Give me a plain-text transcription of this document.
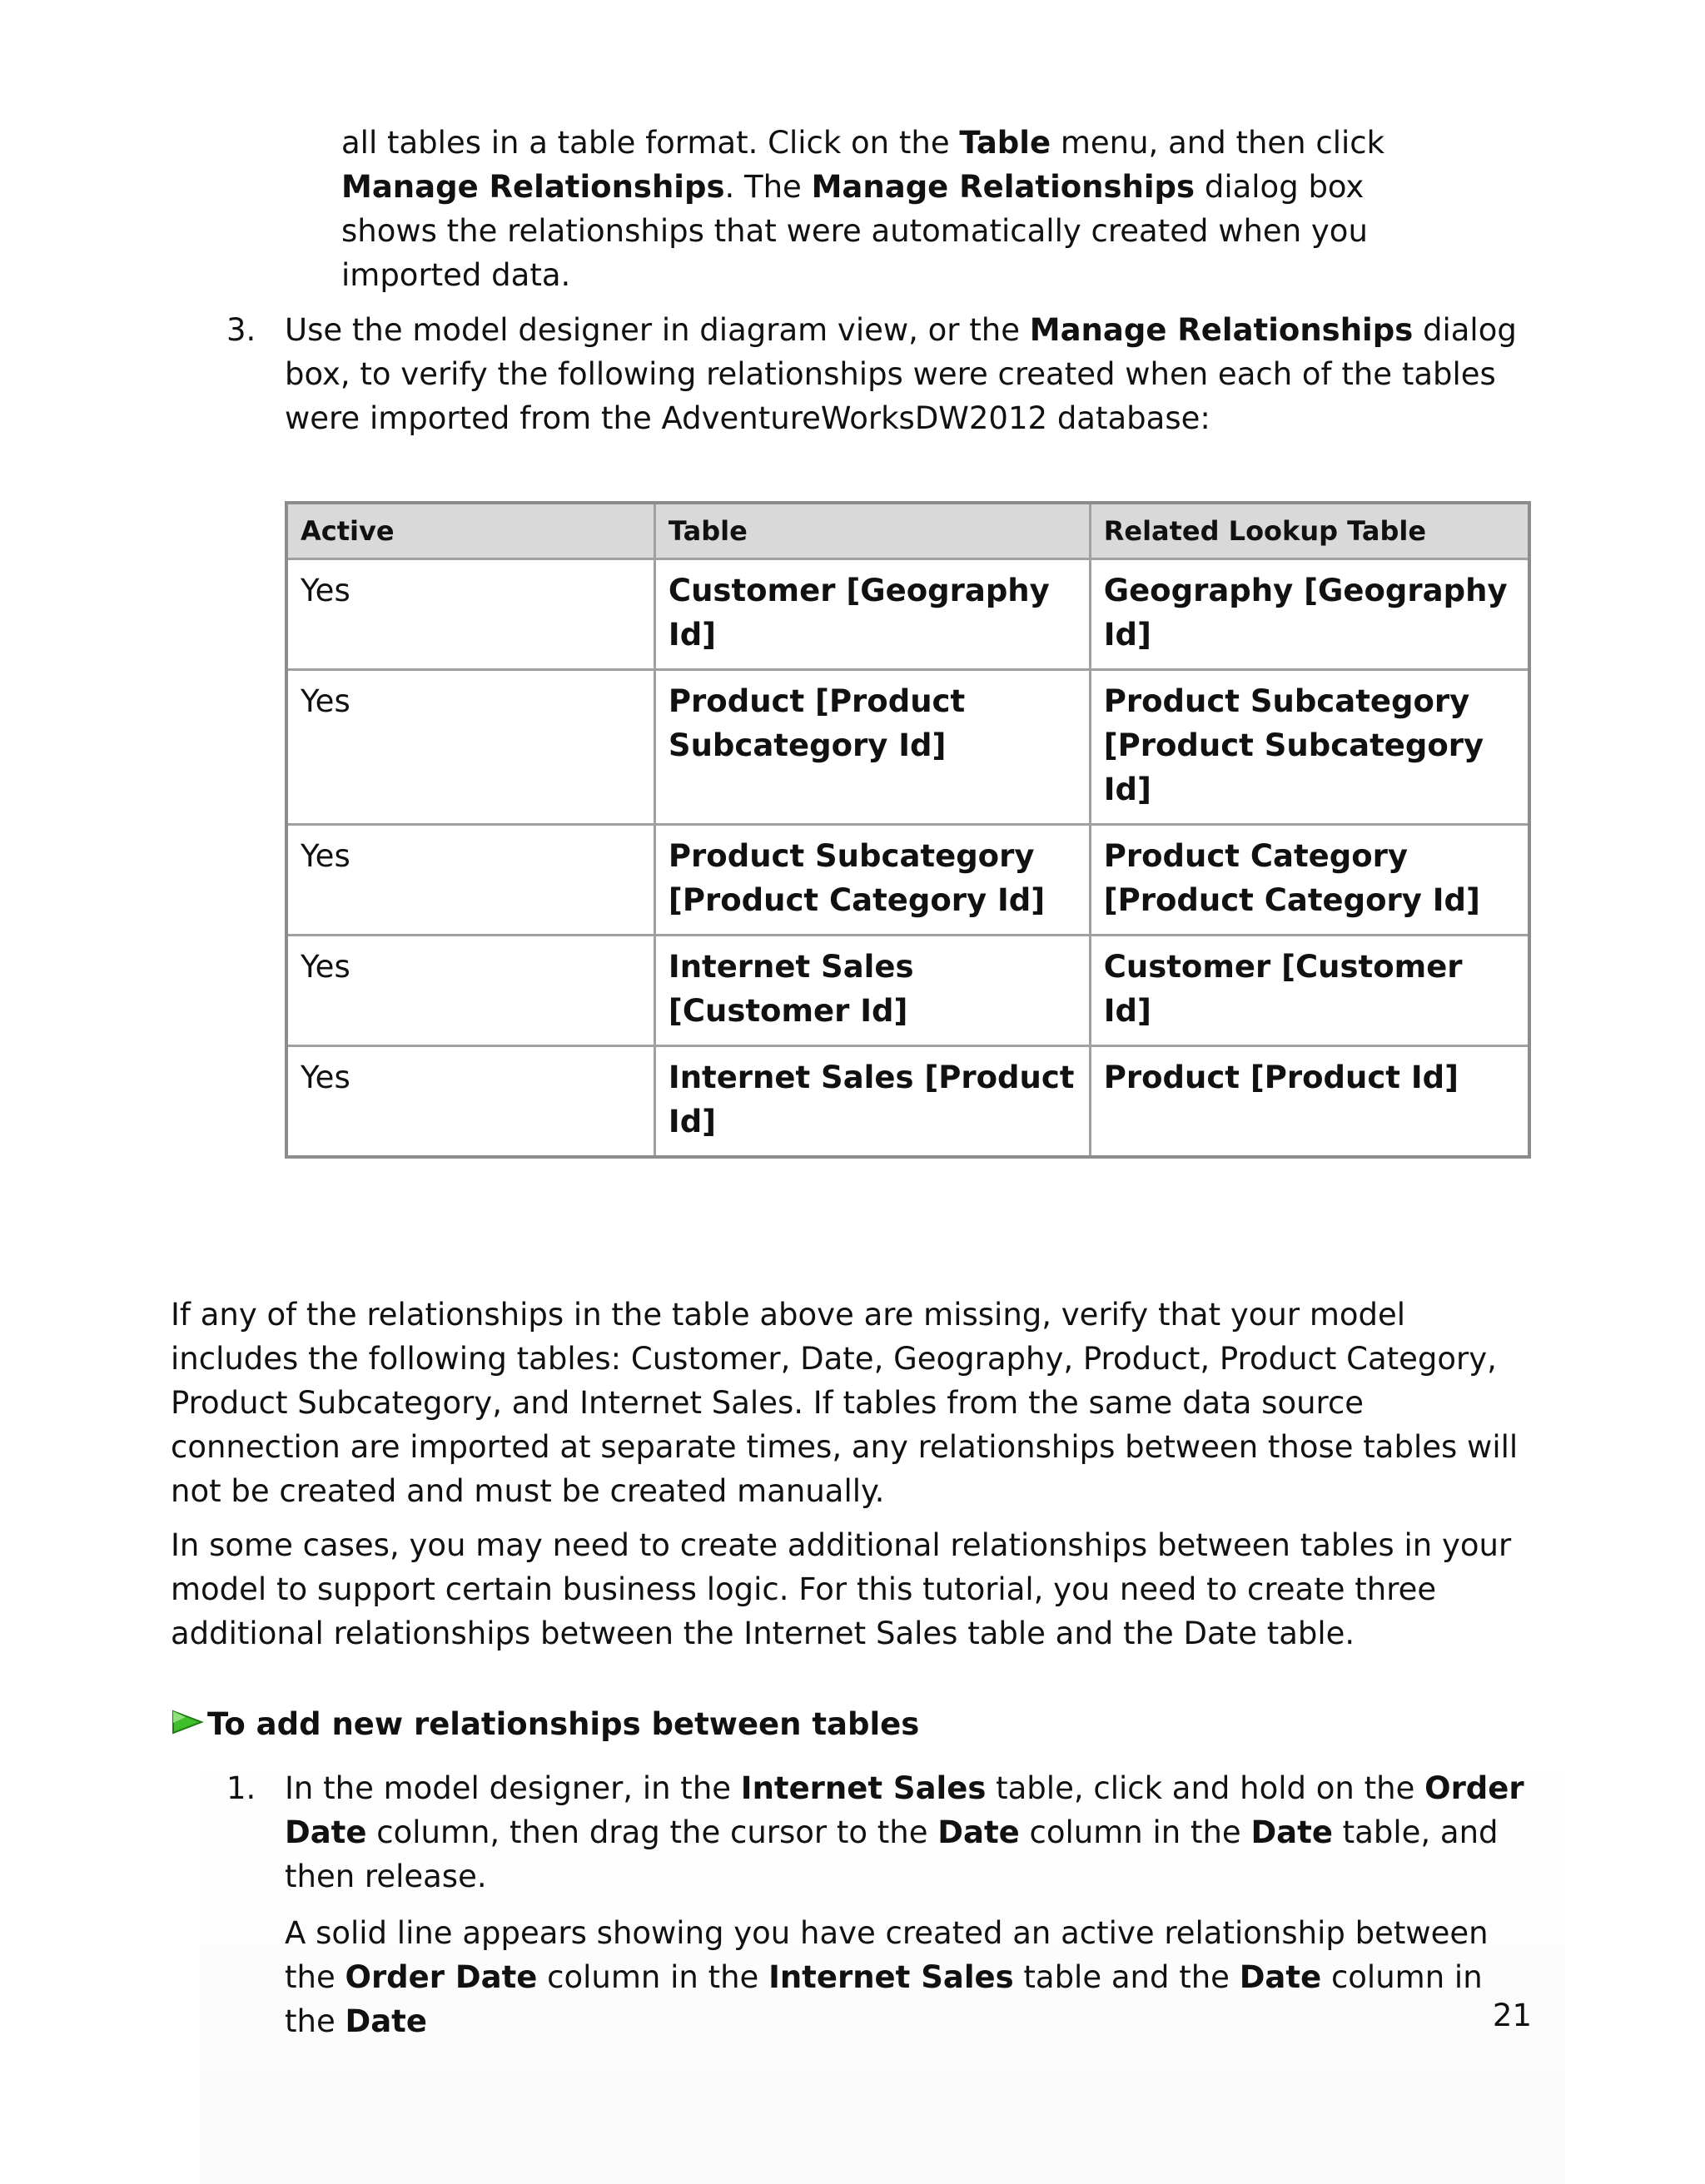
all tables in a table format. Click on the Table menu, and then click Manage Relationships. The Manage Relationships dialog box shows the relationships that were automatically created when you imported data.

3. Use the model designer in diagram view, or the Manage Relationships dialog box, to verify the following relationships were created when each of the tables were imported from the AdventureWorksDW2012 database:

Active	Table	Related Lookup Table
Yes	Customer [Geography Id]	Geography [Geography Id]
Yes	Product [Product Subcategory Id]	Product Subcategory [Product Subcategory Id]
Yes	Product Subcategory [Product Category Id]	Product Category [Product Category Id]
Yes	Internet Sales [Customer Id]	Customer [Customer Id]
Yes	Internet Sales [Product Id]	Product [Product Id]

If any of the relationships in the table above are missing, verify that your model includes the following tables: Customer, Date, Geography, Product, Product Category, Product Subcategory, and Internet Sales. If tables from the same data source connection are imported at separate times, any relationships between those tables will not be created and must be created manually.

In some cases, you may need to create additional relationships between tables in your model to support certain business logic. For this tutorial, you need to create three additional relationships between the Internet Sales table and the Date table.

To add new relationships between tables
1. In the model designer, in the Internet Sales table, click and hold on the Order Date column, then drag the cursor to the Date column in the Date table, and then release.

A solid line appears showing you have created an active relationship between the Order Date column in the Internet Sales table and the Date column in the Date	21
